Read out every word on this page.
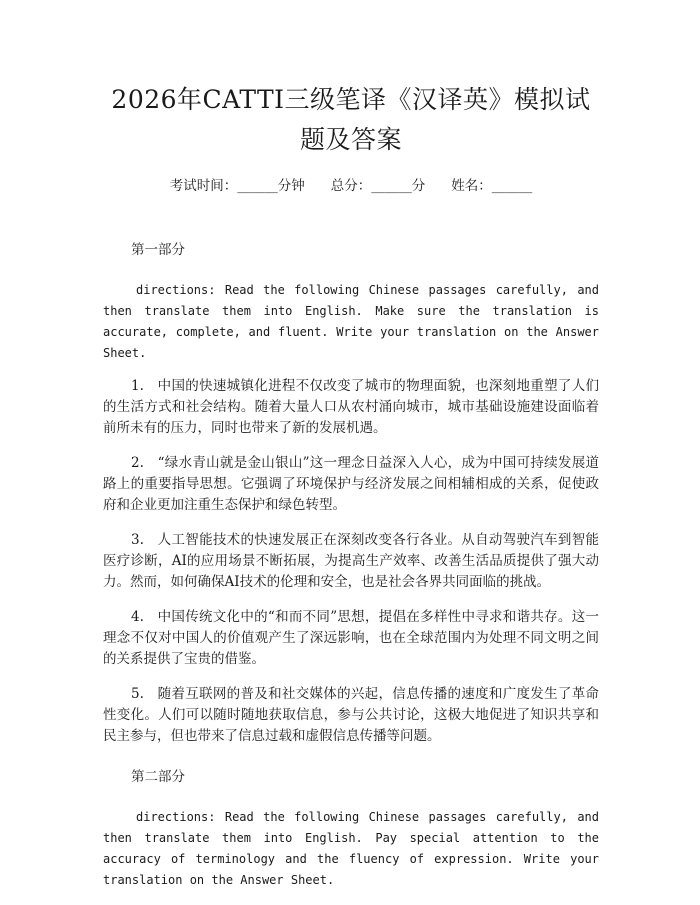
2026年CATTI三级笔译《汉译英》模拟试题及答案
考试时间：______分钟 总分：______分 姓名：______
第一部分

directions: Read the following Chinese passages carefully, and then translate them into English. Make sure the translation is accurate, complete, and fluent. Write your translation on the Answer Sheet.

1. 中国的快速城镇化进程不仅改变了城市的物理面貌，也深刻地重塑了人们的生活方式和社会结构。随着大量人口从农村涌向城市，城市基础设施建设面临着前所未有的压力，同时也带来了新的发展机遇。
2. “绿水青山就是金山银山”这一理念日益深入人心，成为中国可持续发展道路上的重要指导思想。它强调了环境保护与经济发展之间相辅相成的关系，促使政府和企业更加注重生态保护和绿色转型。
3. 人工智能技术的快速发展正在深刻改变各行各业。从自动驾驶汽车到智能医疗诊断，AI的应用场景不断拓展，为提高生产效率、改善生活品质提供了强大动力。然而，如何确保AI技术的伦理和安全，也是社会各界共同面临的挑战。
4. 中国传统文化中的“和而不同”思想，提倡在多样性中寻求和谐共存。这一理念不仅对中国人的价值观产生了深远影响，也在全球范围内为处理不同文明之间的关系提供了宝贵的借鉴。
5. 随着互联网的普及和社交媒体的兴起，信息传播的速度和广度发生了革命性变化。人们可以随时随地获取信息，参与公共讨论，这极大地促进了知识共享和民主参与，但也带来了信息过载和虚假信息传播等问题。
第二部分

directions: Read the following Chinese passages carefully, and then translate them into English. Pay special attention to the accuracy of terminology and the fluency of expression. Write your translation on the Answer Sheet.
